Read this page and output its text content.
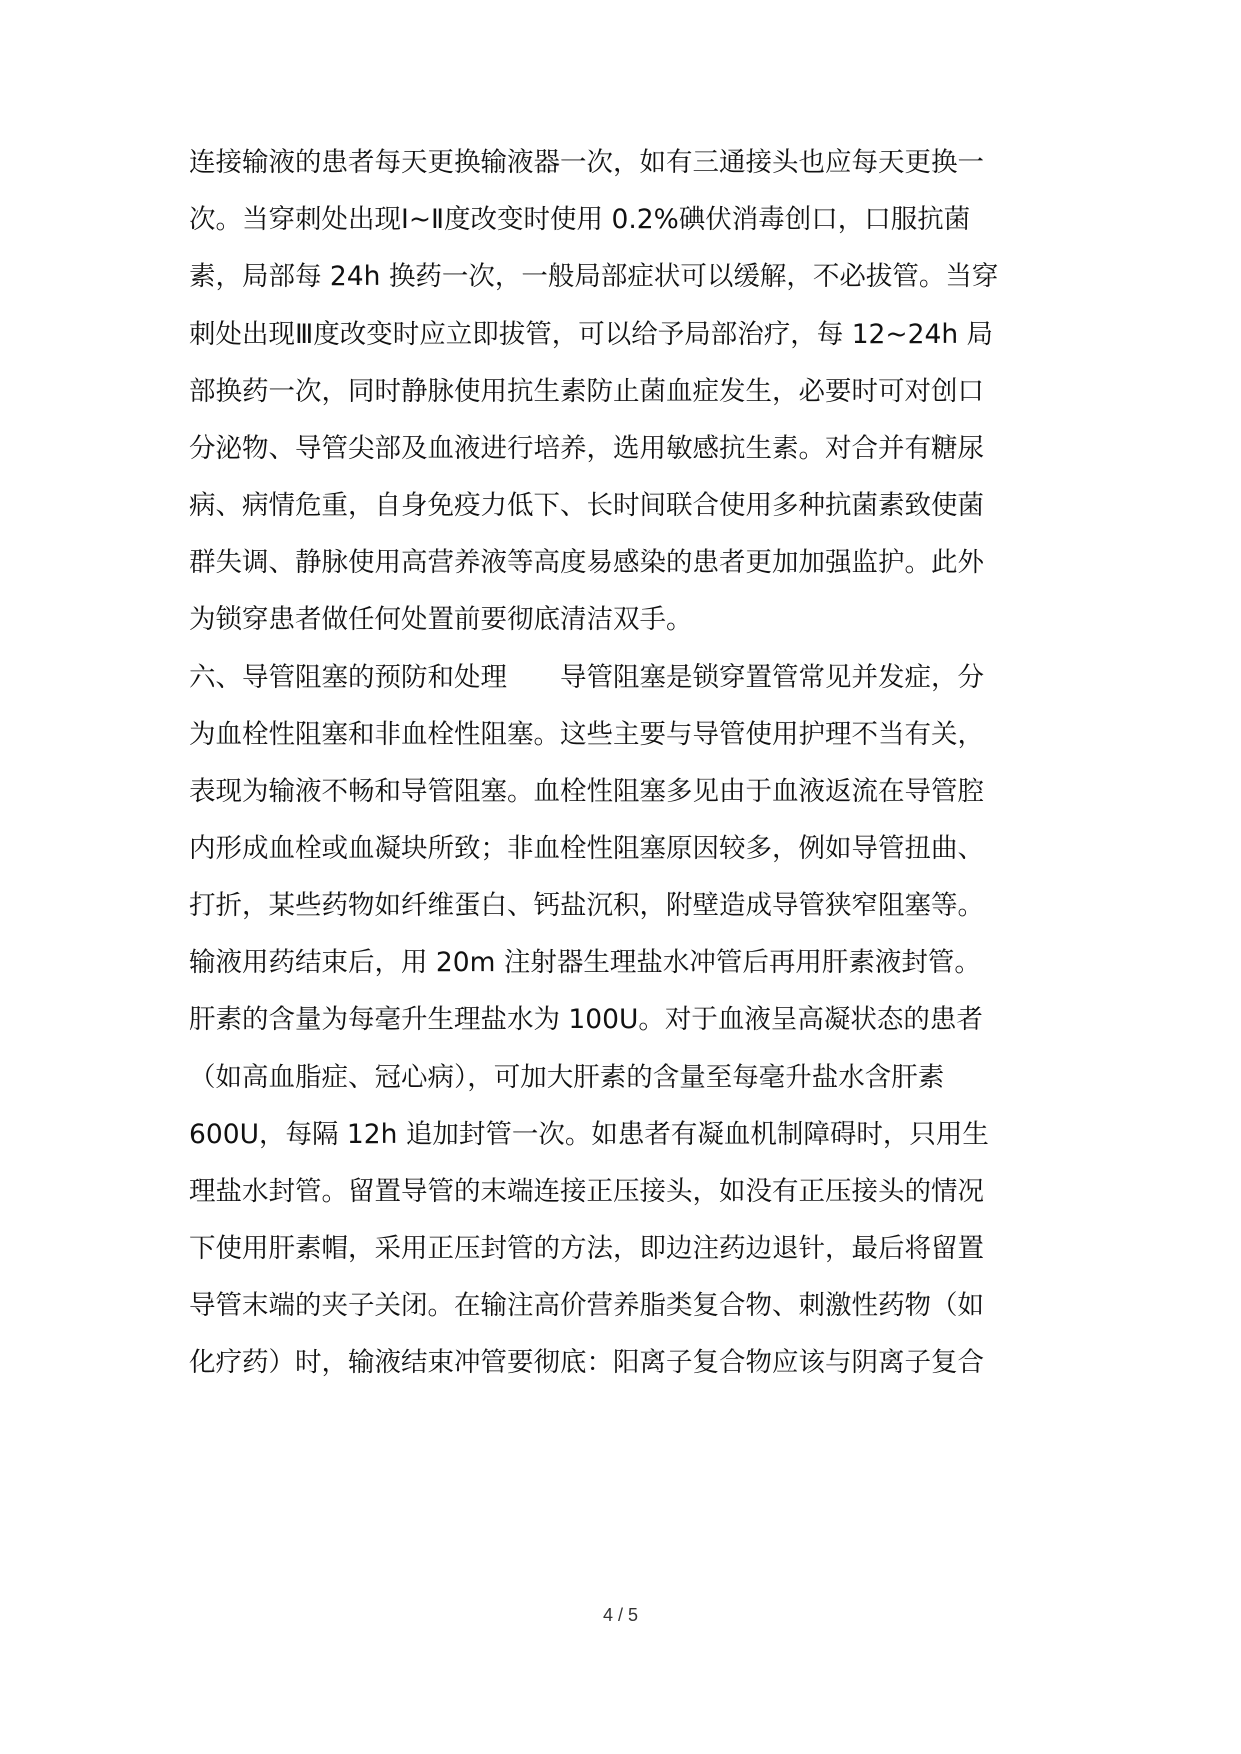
连接输液的患者每天更换输液器一次，如有三通接头也应每天更换一
次。当穿刺处出现Ⅰ~Ⅱ度改变时使用 0.2%碘伏消毒创口，口服抗菌
素，局部每 24h 换药一次，一般局部症状可以缓解，不必拔管。当穿
刺处出现Ⅲ度改变时应立即拔管，可以给予局部治疗，每 12~24h 局
部换药一次，同时静脉使用抗生素防止菌血症发生，必要时可对创口
分泌物、导管尖部及血液进行培养，选用敏感抗生素。对合并有糖尿
病、病情危重，自身免疫力低下、长时间联合使用多种抗菌素致使菌
群失调、静脉使用高营养液等高度易感染的患者更加加强监护。此外
为锁穿患者做任何处置前要彻底清洁双手。
六、导管阻塞的预防和处理　　导管阻塞是锁穿置管常见并发症，分
为血栓性阻塞和非血栓性阻塞。这些主要与导管使用护理不当有关，
表现为输液不畅和导管阻塞。血栓性阻塞多见由于血液返流在导管腔
内形成血栓或血凝块所致；非血栓性阻塞原因较多，例如导管扭曲、
打折，某些药物如纤维蛋白、钙盐沉积，附壁造成导管狭窄阻塞等。
输液用药结束后，用 20m 注射器生理盐水冲管后再用肝素液封管。
肝素的含量为每毫升生理盐水为 100U。对于血液呈高凝状态的患者
（如高血脂症、冠心病），可加大肝素的含量至每毫升盐水含肝素
600U，每隔 12h 追加封管一次。如患者有凝血机制障碍时，只用生
理盐水封管。留置导管的末端连接正压接头，如没有正压接头的情况
下使用肝素帽，采用正压封管的方法，即边注药边退针，最后将留置
导管末端的夹子关闭。在输注高价营养脂类复合物、刺激性药物（如
化疗药）时，输液结束冲管要彻底：阳离子复合物应该与阴离子复合
4 / 5
